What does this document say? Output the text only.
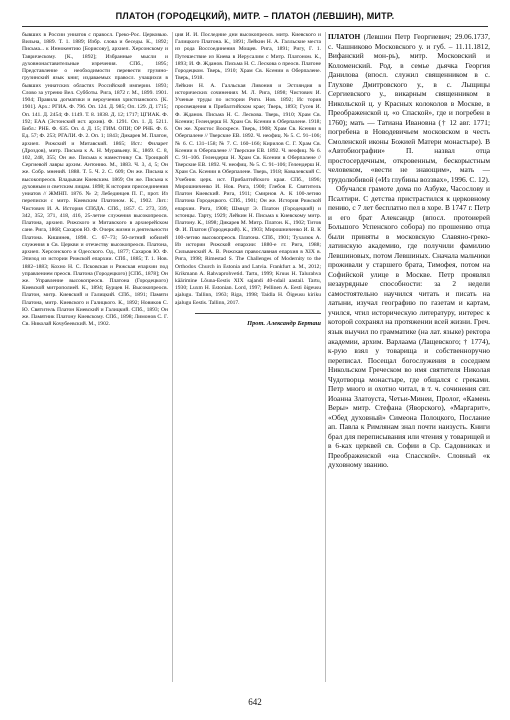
ПЛАТОН (ГОРОДЕЦКИЙ), МИТР. – ПЛАТОН (ЛЕВШИН), МИТР.

бывших в России униатов с правосл. Греко-Рос. Церковью. Вильна, 1889. Т. 1. 1889; Избр. слова и беседы. К., 1892; Письма... к Иннокентию [Борисову], архиеп. Херсонскому и Таврическому. [К., 1892]; Избранные мысли и духовнонаставительные изречения. СПб., 1895; Представление о необходимости перевести грузино-грузинский язык книг, издаваемых правосл. учащихся в бывших униатских областях Российской империи. 1893; Слово за утреню Вел. Субботы. Рига, 1872 г. М., 1899. 1901. 1904; Правила догматики и вероучения христианского. [К. 1901]. Арх.: РГИА. Ф. 796. Оп. 124. Д. 985; Оп. 129. Д. 1715; Оп. 141. Д. 2454; Ф. 1149. Т. 8. 1838. Д. 12; 1717; ЦГИАК. Ф. 192; ЕАА (Эстонский ист. архив). Ф. 1291. Оп. 1. Д. 5211. Библ.: РНБ. Ф. 635. Оп. 4. Д. 15; ГИМ. ОПИ; ОР РНБ. Ф. 6. Ед. 57; Ф. 253; РГАЛИ. Ф. 2. Оп. 1; 1843; Дикарев М. Платон, архиеп. Рижский и Митавский. 1865; Ист.: Филарет (Дроздов), митр. Письма к А. Н. Муравьеву. К., 1869. С. 8, 102, 248, 355; Он же. Письма к наместнику Св. Троицкой Сергиевой лавры архим. Антонию. М., 1883. Ч. 3, 4, 5; Он же. Собр. мнений. 1888. Т. 5. Ч. 2. С. 609; Он же. Письма к высокопреосв. Владыкам Киевским. 1869; Он же. Письма к духовным и светским лицам. 1898; К истории присоединения униатов // ЖМНП. 1876. № 2; Лебединцев П. Г., прот. Из переписки с митр. Киевским Платоном. К., 1902. Лит.: Чистович И. А. История СПбДА. СПб., 1857. С. 273, 339, 342, 352, 371, 418, 416, 25-летие служения высокопреосв. Платона, архиеп. Рижского и Митавского в архиерейском сане. Рига, 1868; Сахаров Ю. Ф. Очерк жизни и деятельности Платона. Кишинев, 1898. С. 67–73; 50-летний юбилей служения в Св. Церкви и отечеству высокопреосв. Платона, архиеп. Херсонского и Одесского. Од., 1877; Сахаров Ю. Ф. Эпизод из истории Рижской епархии. СПб., 1885; Т. 1. Нов. 1882–1883; Кохно Н. С. Псковская и Рижская епархии под управлением преосв. Платона (Городецкого) [СПб., 1878]; Он же. Управление высокопреосв. Платона (Городецкого) Киевской митрополией. К., 1894; Бурцев Н. Высокопреосв. Платон, митр. Киевский и Галицкий. СПб., 1891; Памяти Платона, митр. Киевского и Галицкого. К., 1892; Новиков С. Ю. Святитель Платон Киевский и Галицкий. СПб., 1893; Он же. Памятник Платону Киевскому. СПб., 1898; Лимонов С. Г. Св. Николай Кочубеевский. М., 1902.

ция И. И. Последние дни высокопреосв. митр. Киевского и Галицкого Платона. К., 1891; Лейкин Н. А. Галльские места из рода Воссоединения Мощев. Рига, 1891; Ригу, Г. 1. Путешествие из Киева в Иерусалим с Митр. Платоном. К., 1893; И. Ф. Жданов. Письма Н. С. Лескова о преосв. Платоне Городецком. Тверь, 1910; Храм Св. Ксении в Оберпаленe. Тверь, 1918.

Лейкин Н. А. Галльская Ливония и Эстляндия в исторических сочинениях М. Л. Рига, 1898; Чистович И. Ученые труды по истории Риги. Нов. 1892; Ис тория просвещения в Прибалтийском крае; Тверь, 1893; Гусев И. Ф. Жданов. Письма Н. С. Лескова. Тверь, 1910; Храм Св. Ксении; Гелендерш Н. Храм Св. Ксении в Оберпалене. 1918; Он же. Христос Воскресе. Тверь, 1908; Храм Св. Ксении в Оберпалене // Тверские ЕВ. 1892. Ч. неофиц. № 5. С. 91–106; № 6. С. 131–158; № 7. С. 160–166; Кирилов С. Г. Храм Св. Ксении в Оберпалене // Тверские ЕВ. 1892. Ч. неофиц. № 6. С. 91–106. Гелендерш Н. Храм Св. Ксении в Оберпалене // Тверские ЕВ. 1892. Ч. неофиц. № 5. С. 91–106; Гелендерш Н. Храм Св. Ксении в Оберпалене. Тверь, 1918; Ковалевский С. Учебник церк. ист. Прибалтийского края. СПб., 1896; Мирошниченко И. Нов. Рига, 1900; Глебов Е. Святитель Платон Киевский. Рига, 1911; Смирнов А. К 100-летию Платона Городецкого. СПб., 1901; Он же. История Рижской епархии. Рига, 1908; Шмидт Э. Платон (Городецкий) и эстонцы. Тарту, 1929; Лейкин Н. Письма к Киевскому митр. Платону. К., 1898; Дикарев М. Митр. Платон. К., 1902; Титов Ф. И. Платон (Городецкий). К., 1903; Мирошниченко И. В. К 100-летию высокопреосв. Платона. СПб., 1901; Тухалюк А. Из истории Рижской епархии: 1880-е гг. Рига, 1988; Сильванский А. В. Рижская православная епархия в XIX в. Рига, 1998; Rimestad S. The Challenges of Modernity to the Orthodox Church in Estonia and Latvia. Frankfurt a. M., 2012; Krikmann A. Rahvaprohvetid. Tartu, 1999; Kruus H. Talurahva käärimine Lõuna-Eestis XIX sajandi 40-ndail aastail. Tartu, 1930; Luxm H. Estonian. Lord, 1997; Pellinen A. Eesti õigeusu ajalugu. Tallinn, 1963; Riga, 1998; Taidla H. Õigeusu kiriku ajalugu Eestis. Tallinn, 2017.

Прот. Александр Берташ

ПЛАТОН (Левшин Петр Георгиевич; 29.06.1737, с. Чашниково Московского у. и губ. – 11.11.1812, Вифанский мон-рь), митр. Московский и Коломенский. Род. в семье дьячка Георгия Даниловa (впосл. служил священником в с. Глухове Дмитровского у., в с. Лыщицы Сергиевского у., викарным священником в Никольской ц. у Красных колоколов в Москве, в Преображенской ц. «о Спаской», где и погребен в 1760); мать — Татиана Ивановна († 12 авг. 1771; погребена в Новодевичьем московском в честь Смоленской иконы Божией Матери монастыре). В «Автобиографии» П. назвал отца простосердечным, откровенным, бескорыстным человеком, «вести не знающим», мать — трудолюбивой («Из глубины воззвах», 1996. С. 12).

Обучался грамоте дома по Азбуке, Часослову и Псалтири. С детства пристрастился к церковному пению, с 7 лет бесплатно пел в хоре. В 1747 г. Петр и его брат Александр (впосл. протоиерей Большого Успенского собора) по прошению отца были приняты в московскую Славяно-греко-латинскую академию, где получили фамилию Левшиновых, потом Левшиных. Сначала мальчики проживали у старшего брата, Тимофея, потом на Софийской улице в Москве. Петр проявлял незаурядные способности: за 2 недели самостоятельно научился читать и писать на латыни, изучал географию по газетам и картам, учился, чтил историческую литературу, интерес к которой сохранял на протяжении всей жизни. Греч. язык выучил по грамматике (на лат. языке) ректора академии, архим. Варлаама (Лащевского; † 1774), к-рую взял у товарища и собственноручно переписал. Посещал богослужения в соседнем Никольском Греческом во имя святителя Николая Чудотворца монастыре, где общался с греками. Петр много и охотно читал, в т. ч. сочинения свт. Иоанна Златоуста, Четьи-Минеи, Пролог, «Камень Веры» митр. Стефана (Яворского), «Маргарит», «Обед духовный» Симеона Полоцкого, Послание ап. Павла к Римлянам знал почти наизусть. Книги брал для переписывания или чтения у товарищей и в 6-ках церквей св. Софии в Ср. Садовниках и Преображенской «на Спасской». Словный «к духовному званию.

642
